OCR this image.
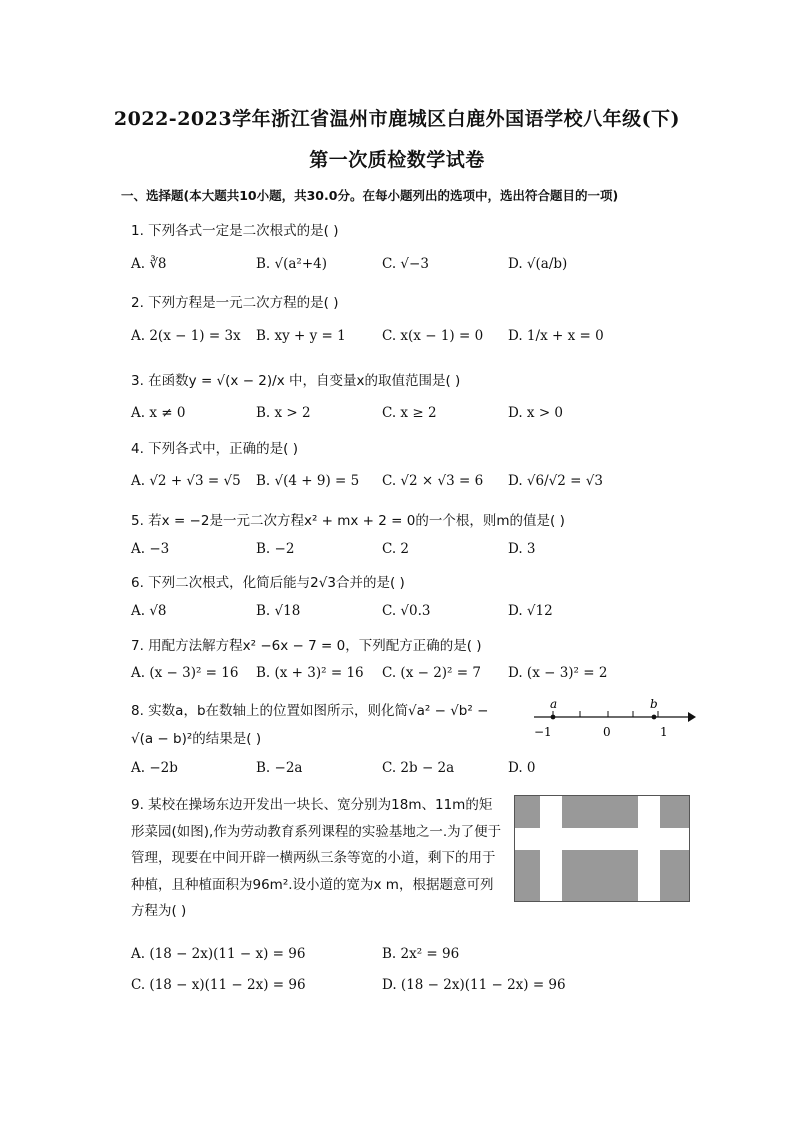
2022-2023学年浙江省温州市鹿城区白鹿外国语学校八年级(下)
第一次质检数学试卷
一、选择题(本大题共10小题，共30.0分。在每小题列出的选项中，选出符合题目的一项)
1. 下列各式一定是二次根式的是( )
A. ∛8	B. √(a²+4)	C. √−3	D. √(a/b)
2. 下列方程是一元二次方程的是( )
A. 2(x − 1) = 3x B. xy + y = 1	C. x(x − 1) = 0 D. 1/x + x = 0
3. 在函数y = √(x − 2)/x 中，自变量x的取值范围是( )
A. x ≠ 0	B. x > 2	C. x ≥ 2	D. x > 0
4. 下列各式中，正确的是( )
A. √2 + √3 = √5 B. √(4 + 9) = 5 C. √2 × √3 = 6 D. √6/√2 = √3
5. 若x = −2是一元二次方程x² + mx + 2 = 0的一个根，则m的值是( )
A. −3	B. −2	C. 2	D. 3
6. 下列二次根式，化简后能与2√3合并的是( )
A. √8	B. √18	C. √0.3	D. √12
7. 用配方法解方程x² −6x − 7 = 0，下列配方正确的是( )
A. (x − 3)² = 16 B. (x + 3)² = 16 C. (x − 2)² = 7 D. (x − 3)² = 2
8. 实数a，b在数轴上的位置如图所示，则化简√a² − √b² − √(a − b)²的结果是( )
a	b
−1	0	1
A. −2b	B. −2a	C. 2b − 2a	D. 0
9. 某校在操场东边开发出一块长、宽分别为18m、11m的矩形菜园(如图),作为劳动教育系列课程的实验基地之一.为了便于管理，现要在中间开辟一横两纵三条等宽的小道，剩下的用于种植，且种植面积为96m².设小道的宽为x m，根据题意可列方程为( )
A. (18 − 2x)(11 − x) = 96	B. 2x² = 96
C. (18 − x)(11 − 2x) = 96	D. (18 − 2x)(11 − 2x) = 96
